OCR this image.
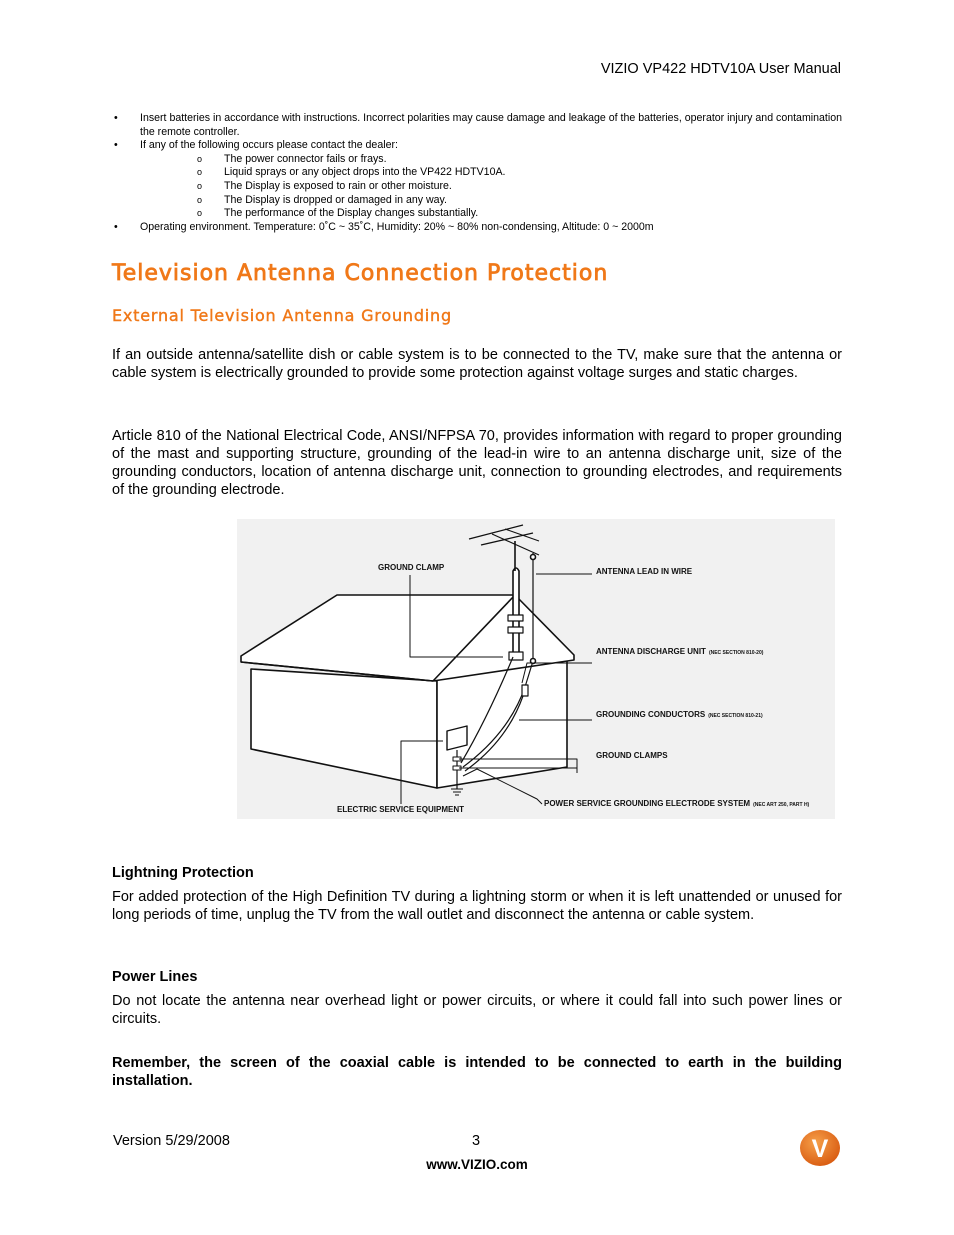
VIZIO VP422 HDTV10A User Manual
• Insert batteries in accordance with instructions. Incorrect polarities may cause damage and leakage of the batteries, operator injury and contamination the remote controller.
• If any of the following occurs please contact the dealer:
o The power connector fails or frays.
o Liquid sprays or any object drops into the VP422 HDTV10A.
o The Display is exposed to rain or other moisture.
o The Display is dropped or damaged in any way.
o The performance of the Display changes substantially.
• Operating environment. Temperature: 0˚C ~ 35˚C, Humidity: 20% ~ 80% non-condensing, Altitude: 0 ~ 2000m
Television Antenna Connection Protection
External Television Antenna Grounding

If an outside antenna/satellite dish or cable system is to be connected to the TV, make sure that the antenna or cable system is electrically grounded to provide some protection against voltage surges and static charges.

Article 810 of the National Electrical Code, ANSI/NFPSA 70, provides information with regard to proper grounding of the mast and supporting structure, grounding of the lead-in wire to an antenna discharge unit, size of the grounding conductors, location of antenna discharge unit, connection to grounding electrodes, and requirements of the grounding electrode.

GROUND CLAMP	ANTENNA LEAD IN WIRE
ANTENNA DISCHARGE UNIT (NEC SECTION 810-20)
GROUNDING CONDUCTORS (NEC SECTION 810-21)
GROUND CLAMPS
ELECTRIC SERVICE EQUIPMENT
POWER SERVICE GROUNDING ELECTRODE SYSTEM (NEC ART 250, PART H)
Lightning Protection

For added protection of the High Definition TV during a lightning storm or when it is left unattended or unused for long periods of time, unplug the TV from the wall outlet and disconnect the antenna or cable system.

Power Lines

Do not locate the antenna near overhead light or power circuits, or where it could fall into such power lines or circuits.

Remember, the screen of the coaxial cable is intended to be connected to earth in the building installation.

Version 5/29/2008	3
www.VIZIO.com
V
